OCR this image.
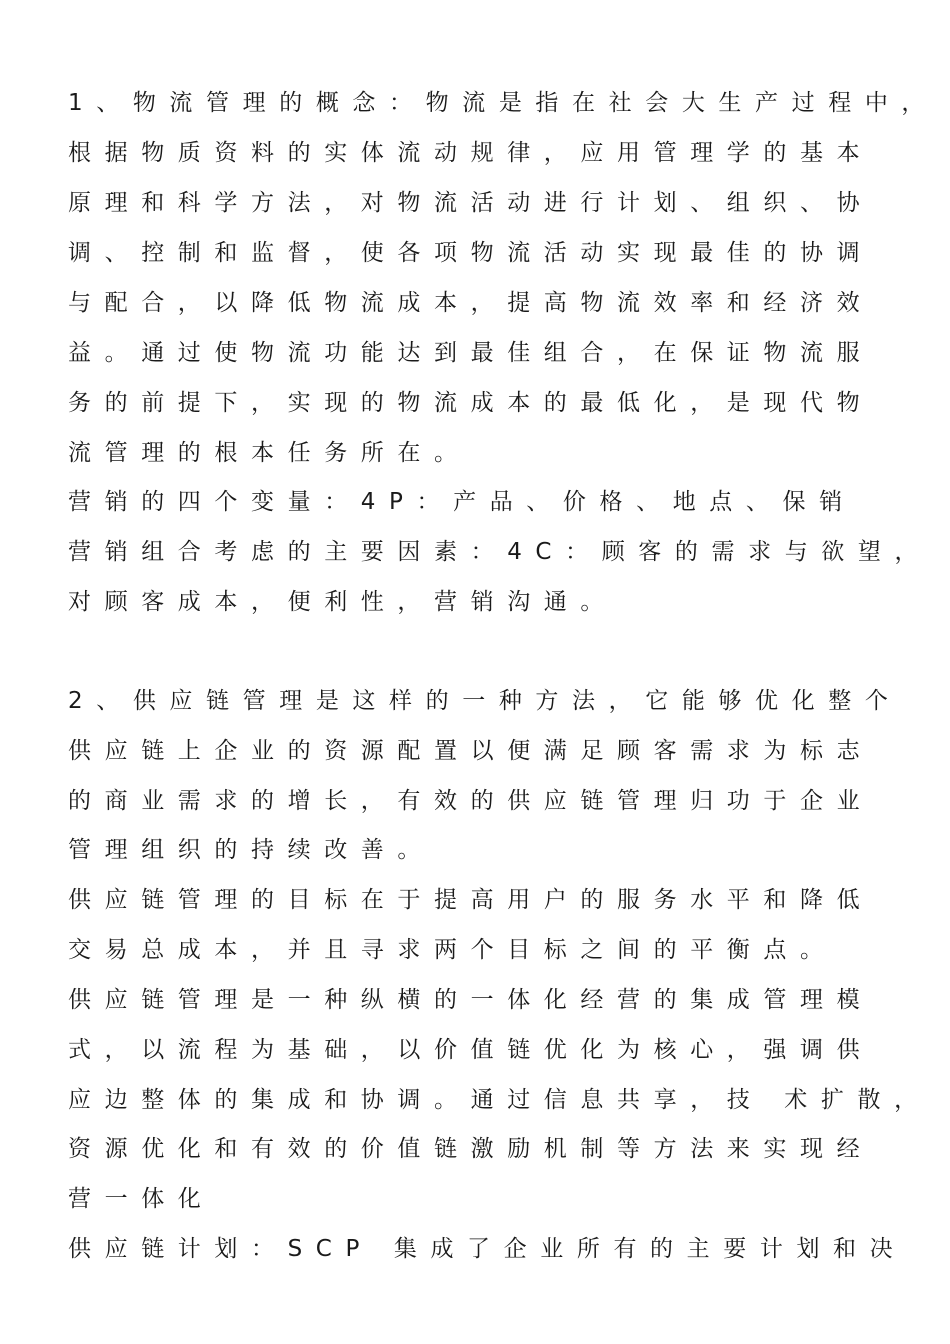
1、物流管理的概念：物流是指在社会大生产过程中，
根据物质资料的实体流动规律，应用管理学的基本
原理和科学方法，对物流活动进行计划、组织、协
调、控制和监督，使各项物流活动实现最佳的协调
与配合，以降低物流成本，提高物流效率和经济效
益。通过使物流功能达到最佳组合，在保证物流服
务的前提下，实现的物流成本的最低化，是现代物
流管理的根本任务所在。
营销的四个变量：4P：产品、价格、地点、保销
营销组合考虑的主要因素：4C：顾客的需求与欲望，
对顾客成本，便利性，营销沟通。
2、供应链管理是这样的一种方法，它能够优化整个
供应链上企业的资源配置以便满足顾客需求为标志
的商业需求的增长，有效的供应链管理归功于企业
管理组织的持续改善。
供应链管理的目标在于提高用户的服务水平和降低
交易总成本，并且寻求两个目标之间的平衡点。
供应链管理是一种纵横的一体化经营的集成管理模
式，以流程为基础，以价值链优化为核心，强调供
应边整体的集成和协调。通过信息共享，技 术扩散，
资源优化和有效的价值链激励机制等方法来实现经
营一体化
供应链计划：SCP 集成了企业所有的主要计划和决
